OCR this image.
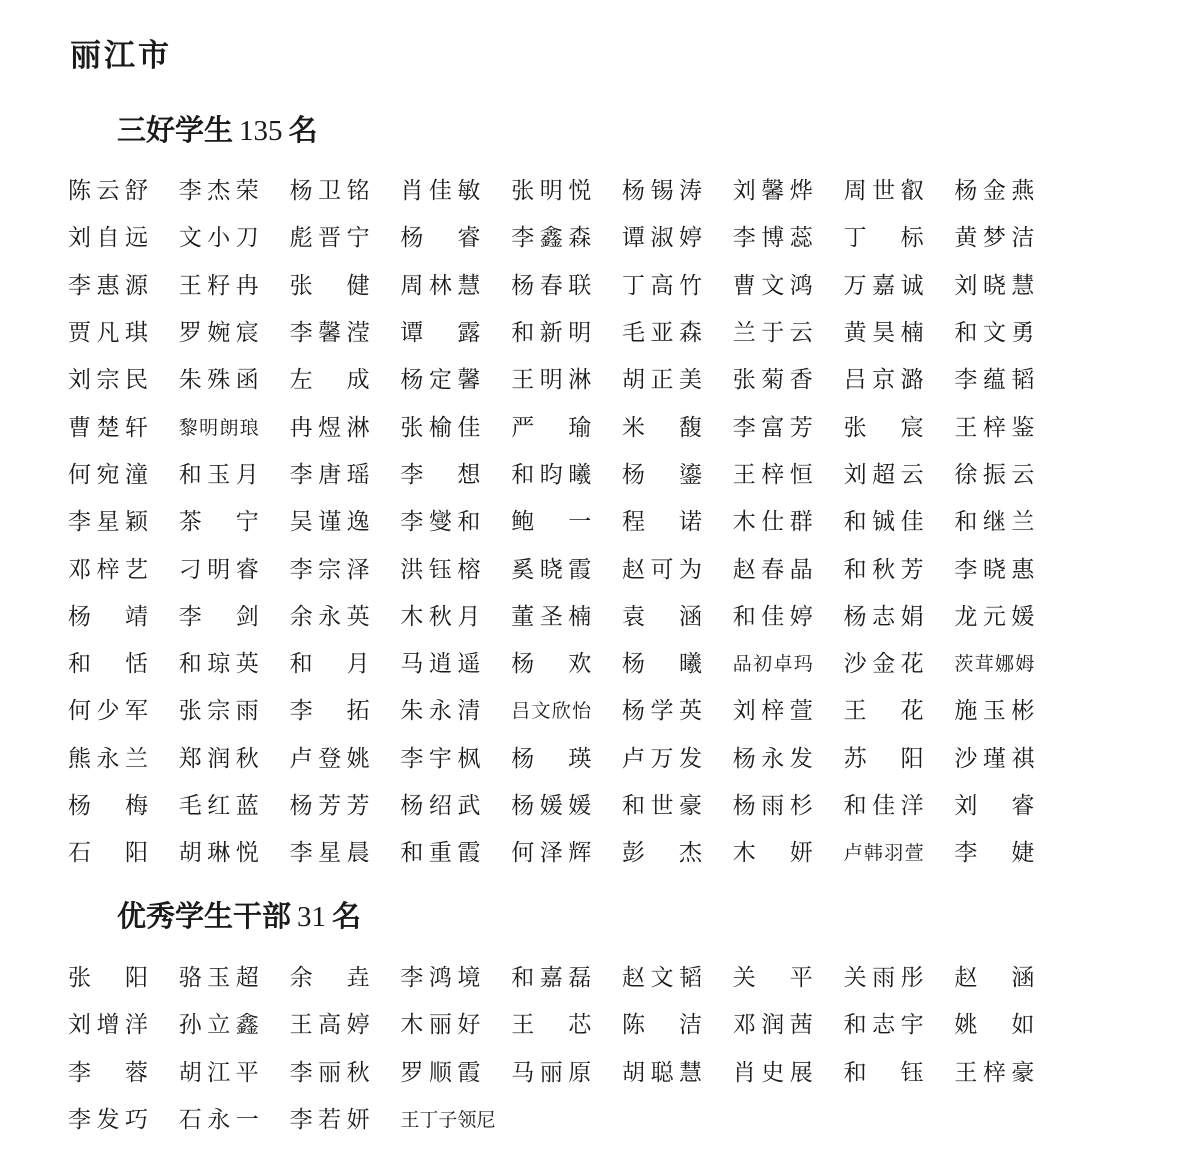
丽江市
三好学生 135 名
陈 云 舒 李 杰 荣 杨 卫 铭 肖 佳 敏 张 明 悦 杨 锡 涛 刘 馨 烨 周 世 叡 杨 金 燕
刘 自 远 文 小 刀 彪 晋 宁 杨 睿 李 鑫 森 谭 淑 婷 李 博 蕊 丁 标 黄 梦 洁
李 惠 源 王 籽 冉 张 健 周 林 慧 杨 春 联 丁 高 竹 曹 文 鸿 万 嘉 诚 刘 晓 慧
贾 凡 琪 罗 婉 宸 李 馨 滢 谭 露 和 新 明 毛 亚 森 兰 于 云 黄 昊 楠 和 文 勇
刘 宗 民 朱 殊 函 左 成 杨 定 馨 王 明 淋 胡 正 美 张 菊 香 吕 京 潞 李 蕴 韬
曹 楚 轩 黎 明 朗 琅 冉 煜 淋 张 榆 佳 严 瑜 米 馥 李 富 芳 张 宸 王 梓 鉴
何 宛 潼 和 玉 月 李 唐 瑶 李 想 和 昀 曦 杨 鎏 王 梓 恒 刘 超 云 徐 振 云
李 星 颖 茶 宁 吴 谨 逸 李 燮 和 鲍 一 程 诺 木 仕 群 和 铖 佳 和 继 兰
邓 梓 艺 刁 明 睿 李 宗 泽 洪 钰 榕 奚 晓 霞 赵 可 为 赵 春 晶 和 秋 芳 李 晓 惠
杨 靖 李 剑 余 永 英 木 秋 月 董 圣 楠 袁 涵 和 佳 婷 杨 志 娟 龙 元 媛
和 恬 和 琼 英 和 月 马 逍 遥 杨 欢 杨 曦 品 初 卓 玛 沙 金 花 茨 茸 娜 姆
何 少 军 张 宗 雨 李 拓 朱 永 清 吕 文 欣 怡 杨 学 英 刘 梓 萱 王 花 施 玉 彬
熊 永 兰 郑 润 秋 卢 登 姚 李 宇 枫 杨 瑛 卢 万 发 杨 永 发 苏 阳 沙 瑾 祺
杨 梅 毛 红 蓝 杨 芳 芳 杨 绍 武 杨 媛 媛 和 世 豪 杨 雨 杉 和 佳 洋 刘 睿
石 阳 胡 琳 悦 李 星 晨 和 重 霞 何 泽 辉 彭 杰 木 妍 卢 韩 羽 萱 李 婕
优秀学生干部 31 名
张 阳 骆 玉 超 余 垚 李 鸿 境 和 嘉 磊 赵 文 韬 关 平 关 雨 彤 赵 涵
刘 增 洋 孙 立 鑫 王 高 婷 木 丽 好 王 芯 陈 洁 邓 润 茜 和 志 宇 姚 如
李 蓉 胡 江 平 李 丽 秋 罗 顺 霞 马 丽 原 胡 聪 慧 肖 史 展 和 钰 王 梓 豪
李 发 巧 石 永 一 李 若 妍 王 丁 子 领 尼
